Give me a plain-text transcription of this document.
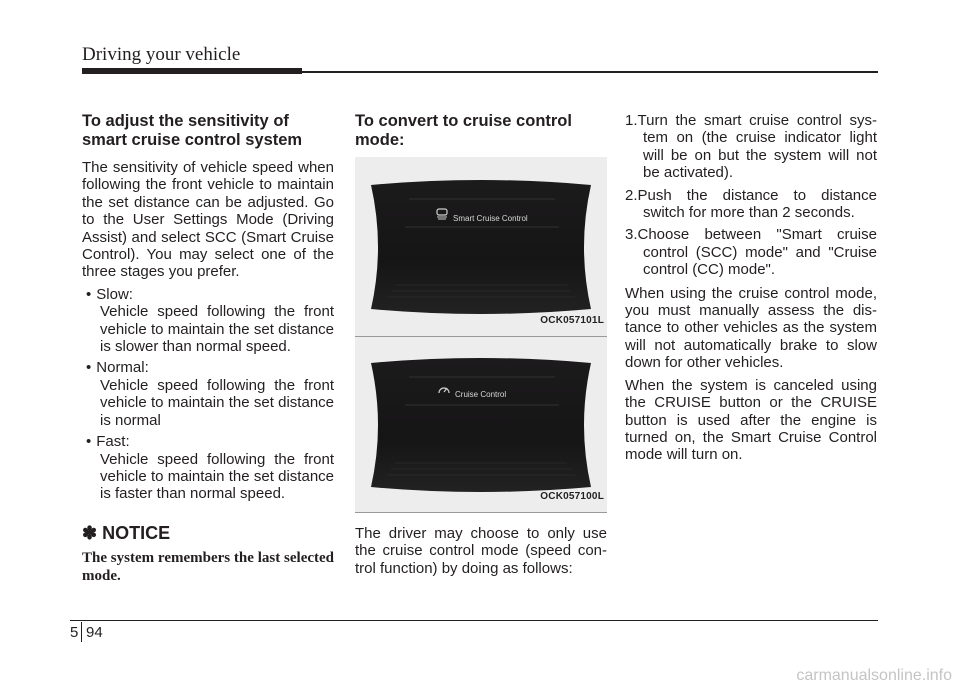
Driving your vehicle
To adjust the sensitivity of smart cruise control system

The sensitivity of vehicle speed when following the front vehicle to maintain the set distance can be adjusted. Go to the User Settings Mode (Driving Assist) and select SCC (Smart Cruise Control). You may select one of the three stages you prefer.

• Slow:
Vehicle speed following the front vehicle to maintain the set distance is slower than normal speed.
• Normal:
Vehicle speed following the front vehicle to maintain the set distance is normal
• Fast:
Vehicle speed following the front vehicle to maintain the set distance is faster than normal speed.
✽ NOTICE
The system remembers the last selected mode.
To convert to cruise control mode:
Smart Cruise Control
OCK057101L
Cruise Control
OCK057100L

The driver may choose to only use the cruise control mode (speed con-trol function) by doing as follows:

1.Turn the smart cruise control sys-tem on (the cruise indicator light will be on but the system will not be activated).
2.Push the distance to distance switch for more than 2 seconds.
3.Choose between "Smart cruise control (SCC) mode" and "Cruise control (CC) mode".

When using the cruise control mode, you must manually assess the dis-tance to other vehicles as the system will not automatically brake to slow down for other vehicles.

When the system is canceled using the CRUISE button or the CRUISE button is used after the engine is turned on, the Smart Cruise Control mode will turn on.

5 94
carmanualsonline.info
